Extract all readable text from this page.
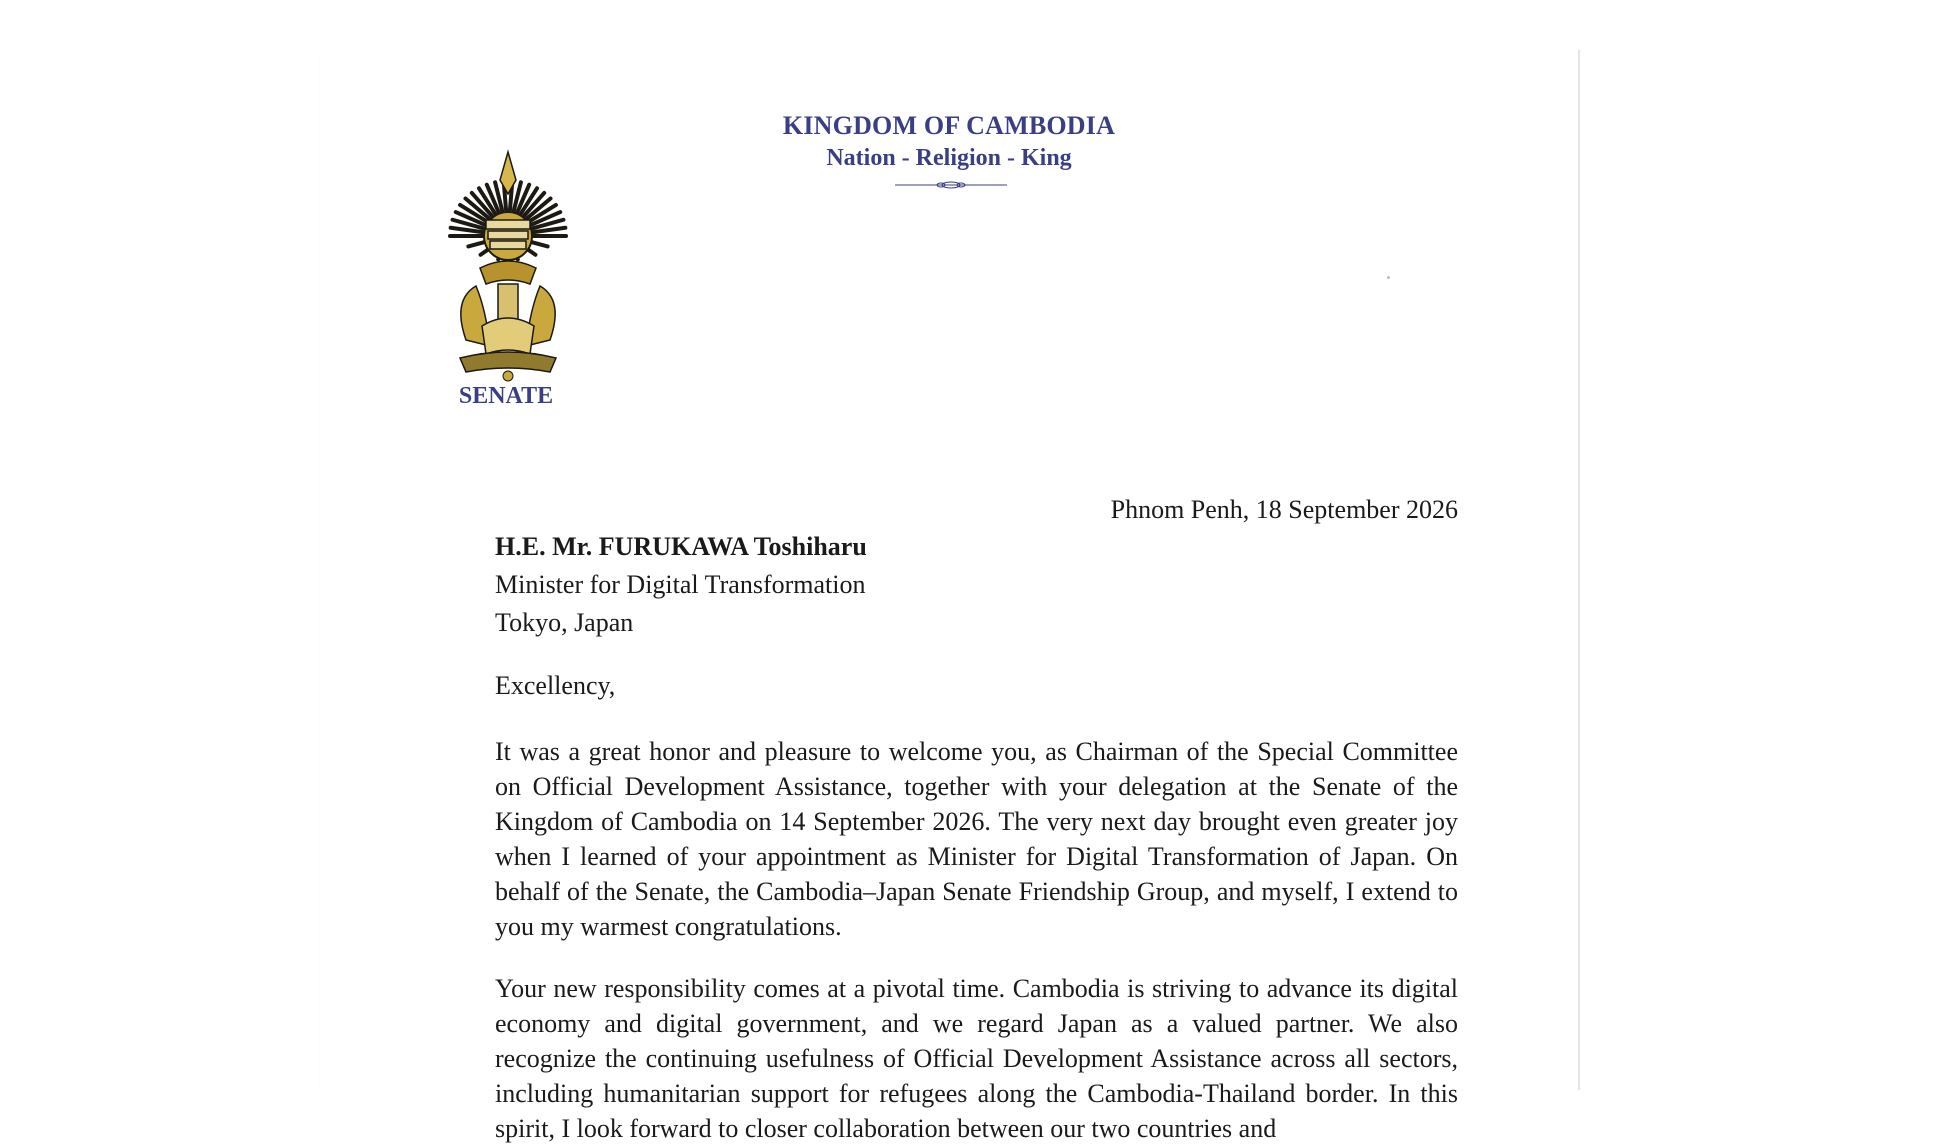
KINGDOM OF CAMBODIA
Nation - Religion - King
SENATE
Phnom Penh, 18 September 2026
H.E. Mr. FURUKAWA Toshiharu
Minister for Digital Transformation
Tokyo, Japan
Excellency,
It was a great honor and pleasure to welcome you, as Chairman of the Special Committee on Official Development Assistance, together with your delegation at the Senate of the Kingdom of Cambodia on 14 September 2026. The very next day brought even greater joy when I learned of your appointment as Minister for Digital Transformation of Japan. On behalf of the Senate, the Cambodia–Japan Senate Friendship Group, and myself, I extend to you my warmest congratulations.
Your new responsibility comes at a pivotal time. Cambodia is striving to advance its digital economy and digital government, and we regard Japan as a valued partner. We also recognize the continuing usefulness of Official Development Assistance across all sectors, including humanitarian support for refugees along the Cambodia-Thailand border. In this spirit, I look forward to closer collaboration between our two countries and
